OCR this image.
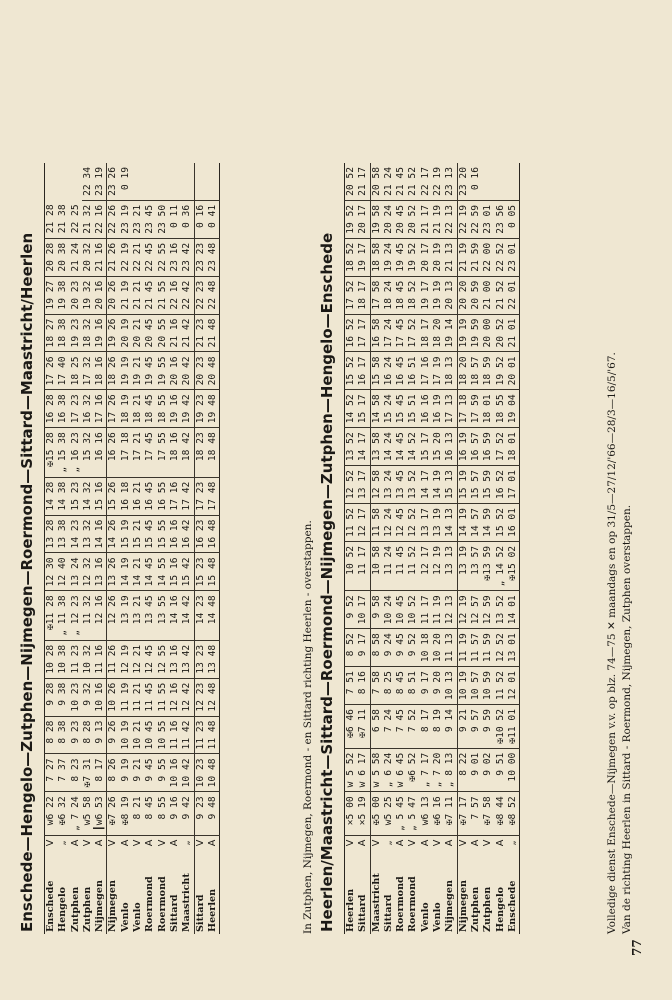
Enschede—Hengelo—Zutphen—Nijmegen—Roermond—Sittard—Maastricht/Heerlen Enschede	V	w6 22	7 27	8 28	9 28	10 28	✠11 28	12 30	13 28	14 28	✠15 28	16 28	17 26	18 27	19 27	20 28	21 28	
Hengelo	„	✠6 32	7 37	8 38	9 38	10 38	„ 11 38	12 40	13 38	14 38	„ 15 38	16 38	17 40	18 38	19 38	20 38	21 38	
Zutphen	A	„ 7 24	8 23	9 23	10 23	11 23	„ 12 23	13 24	14 23	15 23	„ 16 23	17 23	18 25	19 23	20 23	21 24	22 25	
Zutphen	V	w5 58	✠7 31	8 28	9 32	10 32	11 32	12 32	13 32	14 32	15 32	16 32	17 32	18 32	19 32	20 32	21 32	22 34
Nijmegen	A	┃w6 53	8 17	9 13	10 16	11 16	12 16	13 16	14 16	15 16	16 16	17 16	18 16	19 16	20 16	21 16	22 16	23 19
Nijmegen	V	✠7 26	8 26	9 26	10 26	11 26	12 26	13 26	14 26	15 26	16 26	17 26	18 26	19 26	20 26	21 26	22 26	23 26
Venlo	A	✠8 19	9 19	10 19	11 19	12 19	13 19	14 19	15 19	16 18	17 18	18 19	19 19	20 19	21 19	22 19	23 19	0 19
Venlo	V	8 21	9 21	10 21	11 21	12 21	13 21	14 21	15 21	16 21	17 21	18 21	19 21	20 21	21 21	22 21	23 21	
Roermond	A	8 45	9 45	10 45	11 45	12 45	13 45	14 45	15 45	16 45	17 45	18 45	19 45	20 45	21 45	22 45	23 45	
Roermond	V	8 55	9 55	10 55	11 55	12 55	13 55	14 55	15 55	16 55	17 55	18 55	19 55	20 55	21 55	22 55	23 50	
Sittard	A	9 16	10 16	11 16	12 16	13 16	14 16	15 16	16 16	17 16	18 16	19 16	20 16	21 16	22 16	23 16	0 11	
Maastricht	„	9 42	10 42	11 42	12 42	13 42	14 42	15 42	16 42	17 42	18 42	19 42	20 42	21 42	22 42	23 42	0 36	
Sittard	V	9 23	10 23	11 23	12 23	13 23	14 23	15 23	16 23	17 23	18 23	19 23	20 23	21 23	22 23	23 23	0 16	
Heerlen	A	9 48	10 48	11 48	12 48	13 48	14 48	15 48	16 48	17 48	18 48	19 48	20 48	21 48	22 48	23 48	0 41	
In Zutphen, Nijmegen, Roermond - en Sittard richting Heerlen - overstappen. Heerlen/Maastricht—Sittard—Roermond—Nijmegen—Zutphen—Hengelo—Enschede Heerlen	V	✕5 00	w 5 52	✠6 46	7 51	8 52	9 52	10 52	11 52	12 52	13 52	14 52	15 52	16 52	17 52	18 52	19 52	20 52
Sittard	A	✕5 19	w 6 17	✠7 11	8 16	9 17	10 17	11 17	12 17	13 17	14 17	15 17	16 17	17 17	18 17	19 17	20 17	21 17
Maastricht	V	✠5 00	w 5 58	6 58	7 58	8 58	9 58	10 58	11 58	12 58	13 58	14 58	15 58	16 58	17 58	18 58	19 58	20 58
Sittard	„	w5 25	„ 6 24	7 24	8 25	9 24	10 24	11 24	12 24	13 24	14 24	15 24	16 24	17 24	18 24	19 24	20 24	21 24
Roermond	A	„ 5 45	w 6 45	7 45	8 45	9 45	10 45	11 45	12 45	13 45	14 45	15 45	16 45	17 45	18 45	19 45	20 45	21 45
Roermond	V	„ 5 47	✠6 52	7 52	8 51	9 52	10 52	11 52	12 52	13 52	14 52	15 51	16 51	17 52	18 52	19 52	20 52	21 52
Venlo	A	w6 13	„ 7 17	8 17	9 17	10 18	11 17	12 17	13 17	14 17	15 17	16 16	17 16	18 17	19 17	20 17	21 17	22 17
Venlo	V	✠6 16	„ 7 20	8 19	9 20	10 20	11 19	12 19	13 19	14 19	15 20	16 19	17 19	18 20	19 19	20 19	21 19	22 19
Nijmegen	A	✠7 11	„ 8 13	9 14	10 13	11 13	12 13	13 13	14 13	15 13	16 13	17 13	18 13	19 14	20 13	21 13	22 13	23 13
Nijmegen	V	✠7 17	8 22	9 21	10 19	11 19	12 19	13 19	14 19	15 19	16 19	17 18	18 20	19 19	20 20	21 19	22 19	23 20
Zutphen	A	7 57	9 01	9 57	10 57	11 57	12 57	13 57	14 57	15 57	16 57	17 59	18 57	19 59	20 59	21 59	22 59	0 16
Zutphen	V	✠7 58	9 02	9 59	10 59	11 59	12 59	✠13 59	14 59	15 59	16 59	18 01	18 59	20 00	21 00	22 00	23 01	
Hengelo	A	✠8 44	9 51	✠10 52	11 52	12 52	13 52	„ 14 52	15 52	16 52	17 52	18 55	19 52	20 52	21 52	22 52	23 56	
Enschede	„	✠8 52	10 00	✠11 01	12 01	13 01	14 01	✠15 02	16 01	17 01	18 01	19 04	20 01	21 01	22 01	23 01	0 05	
Volledige dienst Enschede—Nijmegen v.v. op blz. 74—75 ✕ maandags en op 31/5—27/12/'66—28/3—16/5/'67. Van de richting Heerlen in Sittard - Roermond, Nijmegen, Zutphen overstappen.
77
